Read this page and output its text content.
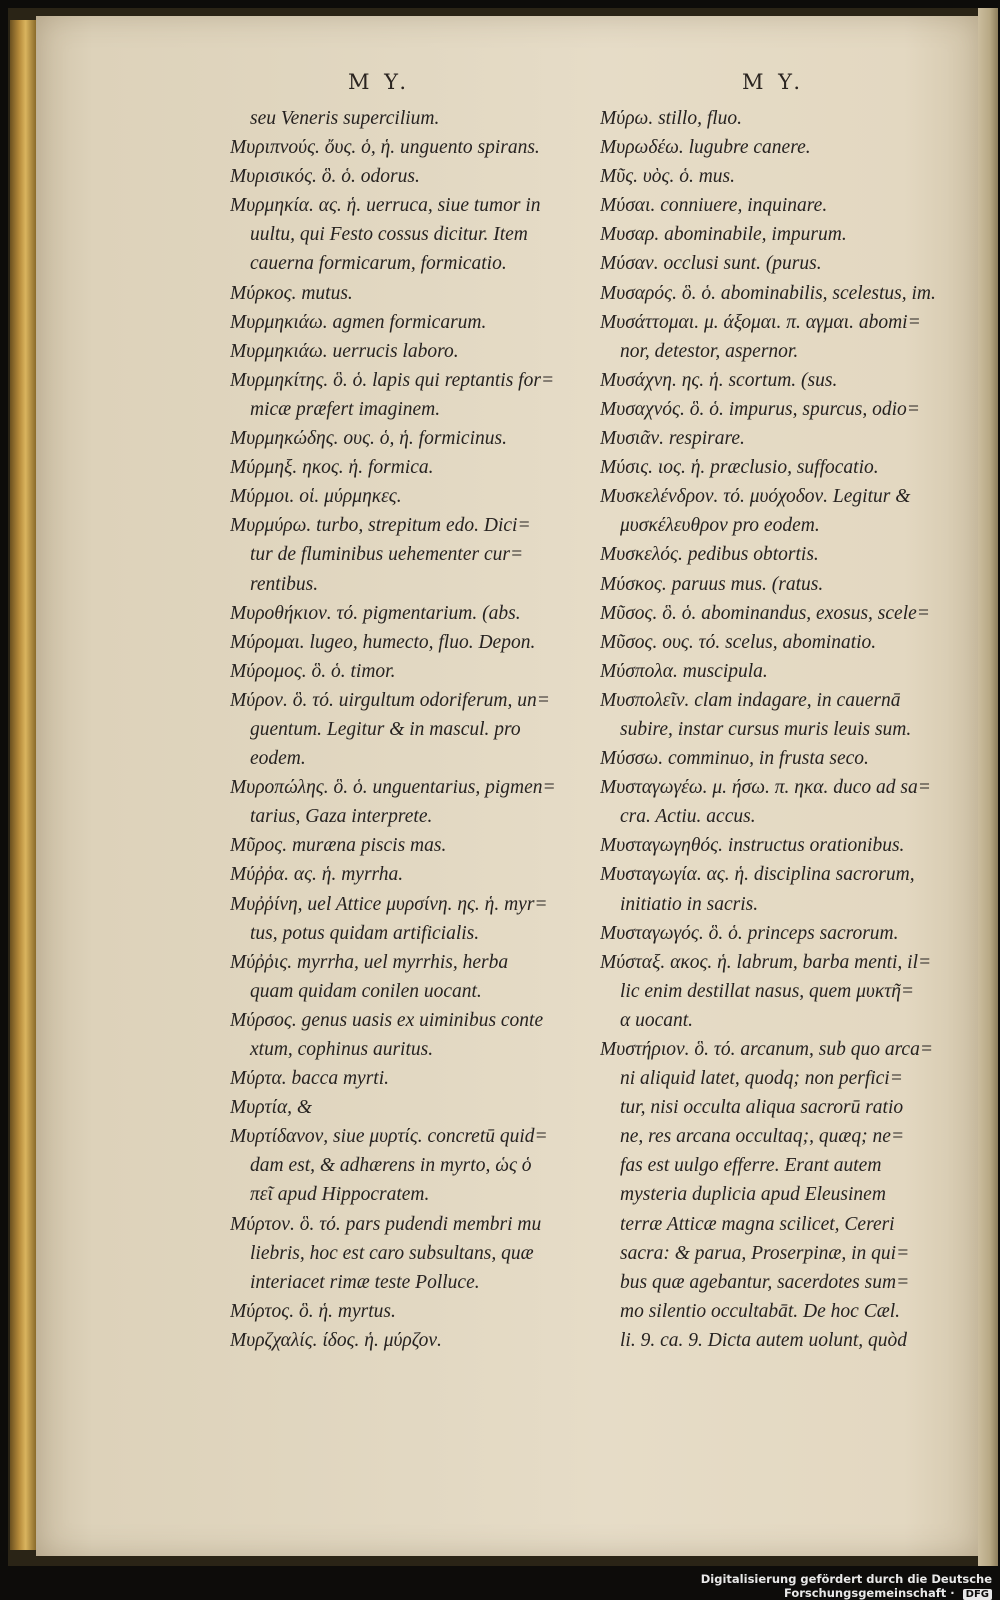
M Y.	M Y.
seu Veneris supercilium.
Μυριπνούς. ὄυς. ὁ, ἡ. unguento spirans.
Μυρισικός. ὃ. ὁ. odorus.
Μυρμηκία. ας. ἡ. uerruca, siue tumor in
uultu, qui Festo cossus dicitur. Item
cauerna formicarum, formicatio.
Μύρκος. mutus.
Μυρμηκιάω. agmen formicarum.
Μυρμηκιάω. uerrucis laboro.
Μυρμηκίτης. ὃ. ὁ. lapis qui reptantis for=
micæ præfert imaginem.
Μυρμηκώδης. ους. ὁ, ἡ. formicinus.
Μύρμηξ. ηκος. ἡ. formica.
Μύρμοι. οἱ. μύρμηκες.
Μυρμύρω. turbo, strepitum edo. Dici=
tur de fluminibus uehementer cur=
rentibus.
Μυροθήκιον. τό. pigmentarium. (abs.
Μύρομαι. lugeo, humecto, fluo. Depon.
Μύρομος. ὃ. ὁ. timor.
Μύρον. ὃ. τό. uirgultum odoriferum, un=
guentum. Legitur & in mascul. pro
eodem.
Μυροπώλης. ὃ. ὁ. unguentarius, pigmen=
tarius, Gaza interprete.
Μῦρος. muræna piscis mas.
Μύῤῥα. ας. ἡ. myrrha.
Μυῤῥίνη, uel Attice μυρσίνη. ης. ἡ. myr=
tus, potus quidam artificialis.
Μύῤῥις. myrrha, uel myrrhis, herba
quam quidam conilen uocant.
Μύρσος. genus uasis ex uiminibus conte
xtum, cophinus auritus.
Μύρτα. bacca myrti.
Μυρτία, &
Μυρτίδανον, siue μυρτίς. concretū quid=
dam est, & adhærens in myrto, ὡς ὁ
πεῖ apud Hippocratem.
Μύρτον. ὃ. τό. pars pudendi membri mu
liebris, hoc est caro subsultans, quæ
interiacet rimæ teste Polluce.
Μύρτος. ὃ. ἡ. myrtus.
Μυρζχαλίς. ίδος. ἡ. μύρζον.
Μύρω. stillo, fluo.
Μυρωδέω. lugubre canere.
Μῦς. υὸς. ὁ. mus.
Μύσαι. conniuere, inquinare.
Μυσαρ. abominabile, impurum.
Μύσαν. occlusi sunt. (purus.
Μυσαρός. ὃ. ὁ. abominabilis, scelestus, im.
Μυσάττομαι. μ. άξομαι. π. αγμαι. abomi=
nor, detestor, aspernor.
Μυσάχνη. ης. ἡ. scortum. (sus.
Μυσαχνός. ὃ. ὁ. impurus, spurcus, odio=
Μυσιᾶν. respirare.
Μύσις. ιος. ἡ. præclusio, suffocatio.
Μυσκελένδρον. τό. μυόχοδον. Legitur &
μυσκέλευθρον pro eodem.
Μυσκελός. pedibus obtortis.
Μύσκος. paruus mus. (ratus.
Μῦσος. ὃ. ὁ. abominandus, exosus, scele=
Μῦσος. ους. τό. scelus, abominatio.
Μύσπολα. muscipula.
Μυσπολεῖν. clam indagare, in cauernā
subire, instar cursus muris leuis sum.
Μύσσω. comminuo, in frusta seco.
Μυσταγωγέω. μ. ήσω. π. ηκα. duco ad sa=
cra. Actiu. accus.
Μυσταγωγηθός. instructus orationibus.
Μυσταγωγία. ας. ἡ. disciplina sacrorum,
initiatio in sacris.
Μυσταγωγός. ὃ. ὁ. princeps sacrorum.
Μύσταξ. ακος. ἡ. labrum, barba menti, il=
lic enim destillat nasus, quem μυκτῆ=
α uocant.
Μυστήριον. ὃ. τό. arcanum, sub quo arca=
ni aliquid latet, quodq; non perfici=
tur, nisi occulta aliqua sacrorū ratio
ne, res arcana occultaq;, quæq; ne=
fas est uulgo efferre. Erant autem
mysteria duplicia apud Eleusinem
terræ Atticæ magna scilicet, Cereri
sacra: & parua, Proserpinæ, in qui=
bus quæ agebantur, sacerdotes sum=
mo silentio occultabāt. De hoc Cæl.
li. 9. ca. 9. Dicta autem uolunt, quòd
Digitalisierung gefördert durch die Deutsche Forschungsgemeinschaft · DFG
